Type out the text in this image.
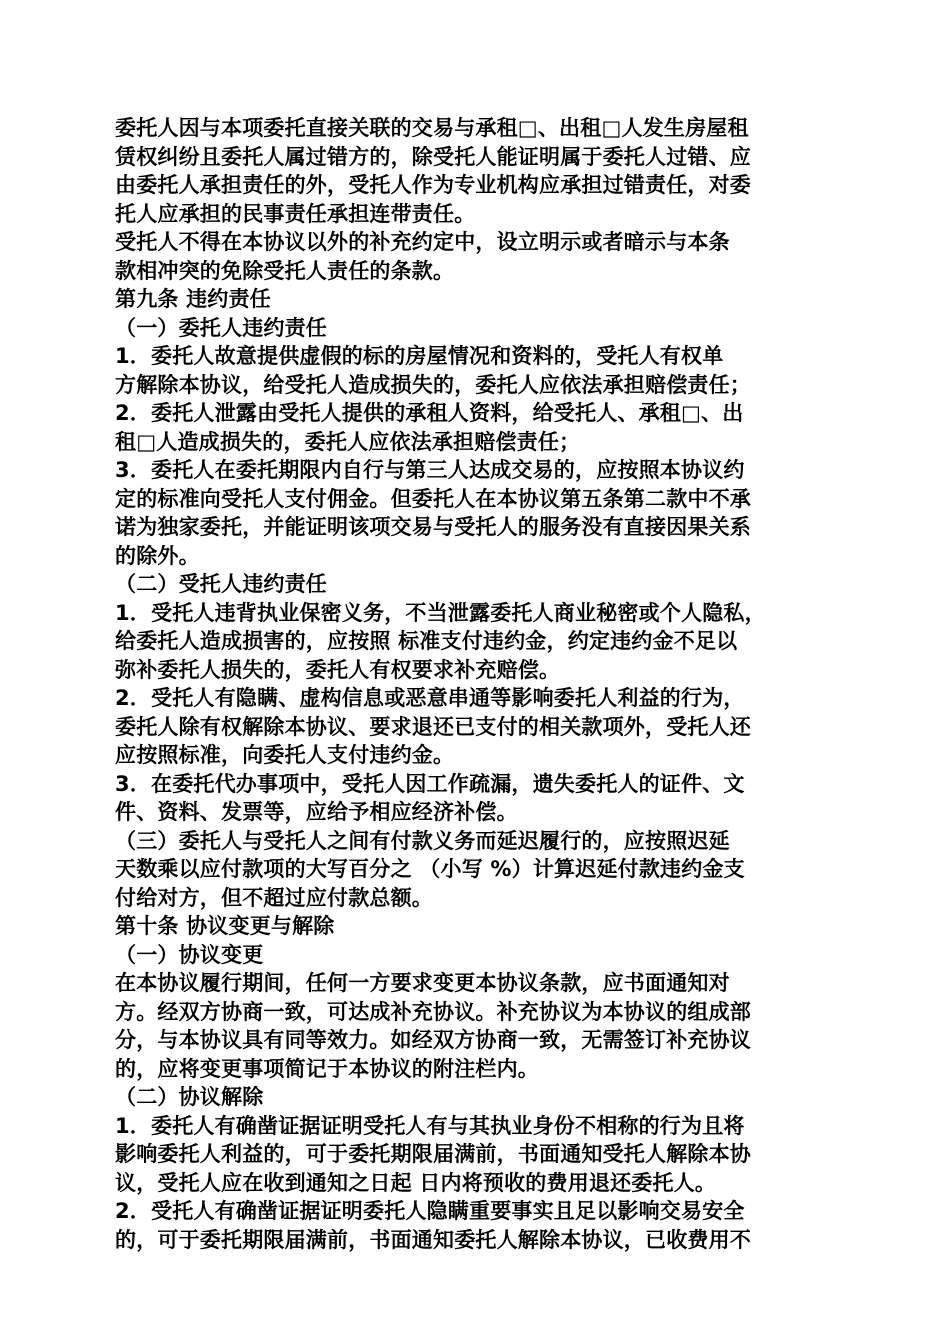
委托人因与本项委托直接关联的交易与承租□、出租□人发生房屋租
赁权纠纷且委托人属过错方的，除受托人能证明属于委托人过错、应
由委托人承担责任的外，受托人作为专业机构应承担过错责任，对委
托人应承担的民事责任承担连带责任。
受托人不得在本协议以外的补充约定中，设立明示或者暗示与本条
款相冲突的免除受托人责任的条款。
第九条 违约责任
（一）委托人违约责任
1．委托人故意提供虚假的标的房屋情况和资料的，受托人有权单
方解除本协议，给受托人造成损失的，委托人应依法承担赔偿责任；
2．委托人泄露由受托人提供的承租人资料，给受托人、承租□、出
租□人造成损失的，委托人应依法承担赔偿责任；
3．委托人在委托期限内自行与第三人达成交易的，应按照本协议约
定的标准向受托人支付佣金。但委托人在本协议第五条第二款中不承
诺为独家委托，并能证明该项交易与受托人的服务没有直接因果关系
的除外。
（二）受托人违约责任
1．受托人违背执业保密义务，不当泄露委托人商业秘密或个人隐私，
给委托人造成损害的，应按照 标准支付违约金，约定违约金不足以
弥补委托人损失的，委托人有权要求补充赔偿。
2．受托人有隐瞒、虚构信息或恶意串通等影响委托人利益的行为，
委托人除有权解除本协议、要求退还已支付的相关款项外，受托人还
应按照标准，向委托人支付违约金。
3．在委托代办事项中，受托人因工作疏漏，遗失委托人的证件、文
件、资料、发票等，应给予相应经济补偿。
（三）委托人与受托人之间有付款义务而延迟履行的，应按照迟延
天数乘以应付款项的大写百分之 （小写 %）计算迟延付款违约金支
付给对方，但不超过应付款总额。
第十条 协议变更与解除
（一）协议变更
在本协议履行期间，任何一方要求变更本协议条款，应书面通知对
方。经双方协商一致，可达成补充协议。补充协议为本协议的组成部
分，与本协议具有同等效力。如经双方协商一致，无需签订补充协议
的，应将变更事项简记于本协议的附注栏内。
（二）协议解除
1．委托人有确凿证据证明受托人有与其执业身份不相称的行为且将
影响委托人利益的，可于委托期限届满前，书面通知受托人解除本协
议，受托人应在收到通知之日起 日内将预收的费用退还委托人。
2．受托人有确凿证据证明委托人隐瞒重要事实且足以影响交易安全
的，可于委托期限届满前，书面通知委托人解除本协议，已收费用不
